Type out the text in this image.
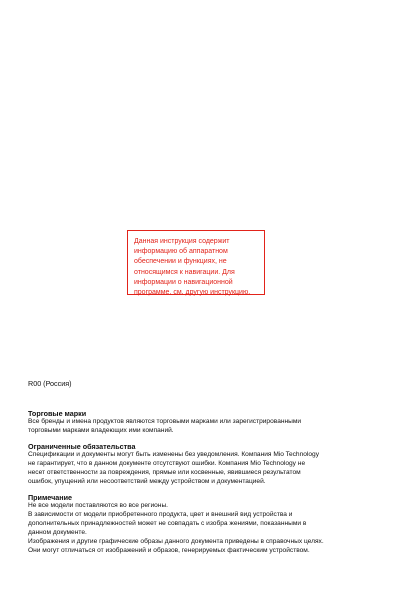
Данная инструкция содержит
информацию об аппаратном
обеспечении и функциях, не
относящимся к навигации. Для
информации о навигационной
программе, см. другую инструкцию.
R00 (Россия)
Торговые марки
Все бренды и имена продуктов являются торговыми марками или зарегистрированными
торговыми марками владеющих ими компаний.
Ограниченные обязательства
Спецификации и документы могут быть изменены без уведомления. Компания Mio Technology
не гарантирует, что в данном документе отсутствуют ошибки. Компания Mio Technology не
несет ответственности за повреждения, прямые или косвенные, явившиеся результатом
ошибок, упущений или несоответствий между устройством и документацией.
Примечание
Не все модели поставляются во все регионы.
В зависимости от модели приобретенного продукта, цвет и внешний вид устройства и
дополнительных принадлежностей может не совпадать с изобра жениями, показанными в
данном документе.
Изображения и другие графические образы данного документа приведены в справочных целях.
Они могут отличаться от изображений и образов, генерируемых фактическим устройством.
